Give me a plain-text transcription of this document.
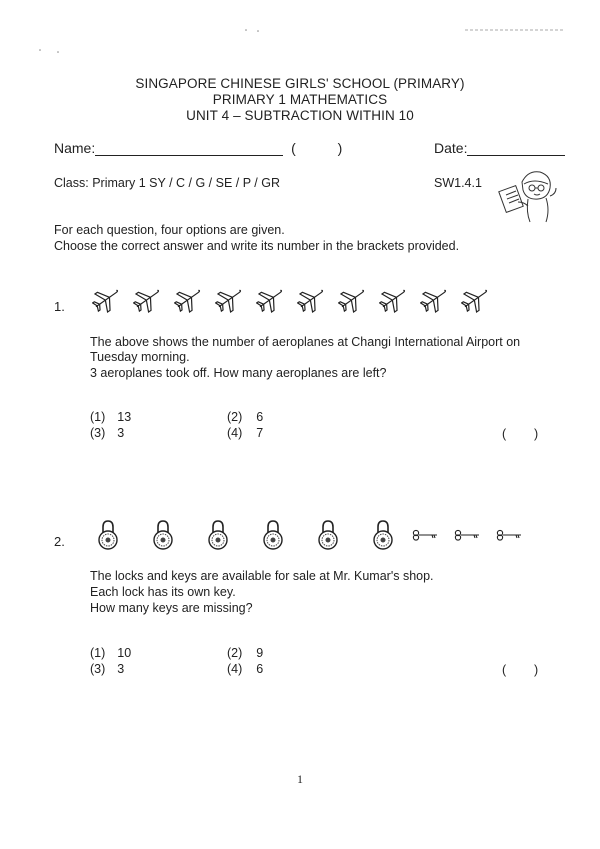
SINGAPORE CHINESE GIRLS' SCHOOL (PRIMARY)
PRIMARY 1 MATHEMATICS
UNIT 4 – SUBTRACTION WITHIN 10
Name:	(	)	Date:
Class: Primary 1 SY / C / G / SE / P / GR	SW1.4.1
For each question, four options are given.
Choose the correct answer and write its number in the brackets provided.
1.
The above shows the number of aeroplanes at Changi International Airport on
Tuesday morning.
3 aeroplanes took off. How many aeroplanes are left?
(1) 13	(2) 6
(3) 3	(4) 7	(        )
2.
The locks and keys are available for sale at Mr. Kumar's shop.
Each lock has its own key.
How many keys are missing?
(1) 10	(2) 9
(3) 3	(4) 6	(        )
1
